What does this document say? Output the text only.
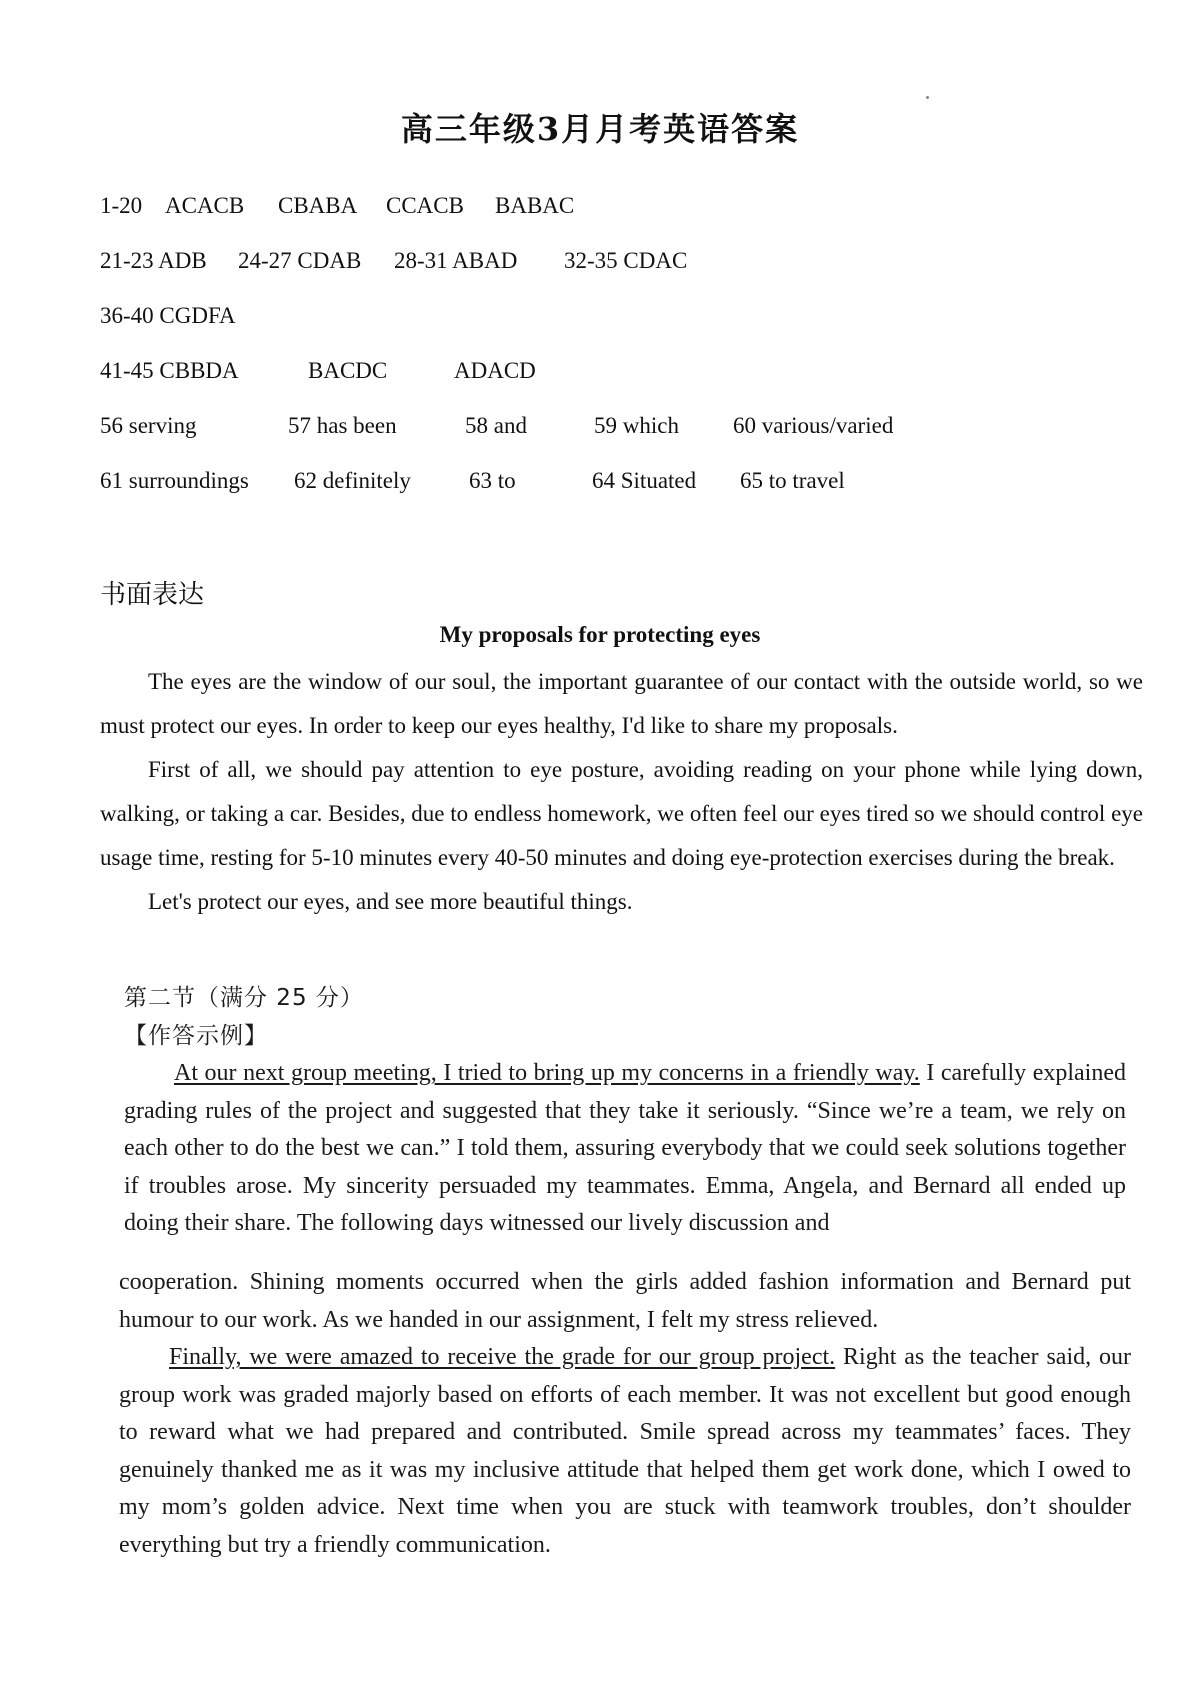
高三年级3月月考英语答案
1-20 ACACB CBABA CCACB BABAC
21-23 ADB 24-27 CDAB 28-31 ABAD 32-35 CDAC
36-40 CGDFA
41-45 CBBDA	BACDC	ADACD
56 serving	57 has been	58 and	59 which 60 various/varied
61 surroundings 62 definitely	63 to	64 Situated 65 to travel
书面表达
My proposals for protecting eyes

The eyes are the window of our soul, the important guarantee of our contact with the outside world, so we must protect our eyes. In order to keep our eyes healthy, I'd like to share my proposals.

First of all, we should pay attention to eye posture, avoiding reading on your phone while lying down, walking, or taking a car. Besides, due to endless homework, we often feel our eyes tired so we should control eye usage time, resting for 5-10 minutes every 40-50 minutes and doing eye-protection exercises during the break.

Let's protect our eyes, and see more beautiful things.

第二节（满分 25 分）
【作答示例】

At our next group meeting, I tried to bring up my concerns in a friendly way. I carefully explained grading rules of the project and suggested that they take it seriously. “Since we’re a team, we rely on each other to do the best we can.” I told them, assuring everybody that we could seek solutions together if troubles arose. My sincerity persuaded my teammates. Emma, Angela, and Bernard all ended up doing their share. The following days witnessed our lively discussion and

cooperation. Shining moments occurred when the girls added fashion information and Bernard put humour to our work. As we handed in our assignment, I felt my stress relieved.

Finally, we were amazed to receive the grade for our group project. Right as the teacher said, our group work was graded majorly based on efforts of each member. It was not excellent but good enough to reward what we had prepared and contributed. Smile spread across my teammates’ faces. They genuinely thanked me as it was my inclusive attitude that helped them get work done, which I owed to my mom’s golden advice. Next time when you are stuck with teamwork troubles, don’t shoulder everything but try a friendly communication.
